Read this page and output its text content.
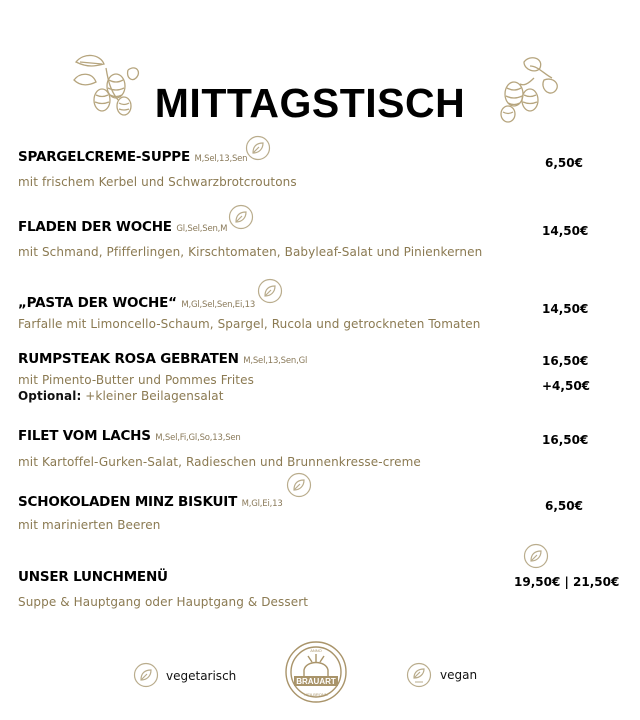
MITTAGSTISCH
SPARGELCREME-SUPPE M,Sel,13,Sen
mit frischem Kerbel und Schwarzbrotcroutons
6,50€
FLADEN DER WOCHE Gl,Sel,Sen,M
mit Schmand, Pfifferlingen, Kirschtomaten, Babyleaf-Salat und Pinienkernen
14,50€
„PASTA DER WOCHE“ M,Gl,Sel,Sen,Ei,13
Farfalle mit Limoncello-Schaum, Spargel, Rucola und getrockneten Tomaten
14,50€
RUMPSTEAK ROSA GEBRATEN M,Sel,13,Sen,Gl
mit Pimento-Butter und Pommes Frites
Optional: +kleiner Beilagensalat
16,50€
+4,50€
FILET VOM LACHS M,Sel,Fi,Gl,So,13,Sen
mit Kartoffel-Gurken-Salat, Radieschen und Brunnenkresse-creme
16,50€
SCHOKOLADEN MINZ BISKUIT M,Gl,Ei,13
mit marinierten Beeren
6,50€
UNSER LUNCHMENÜ
Suppe & Hauptgang oder Hauptgang & Dessert
19,50€ | 21,50€
vegetarisch	BRAUART
ANNO
HEILBRONN
vegan
